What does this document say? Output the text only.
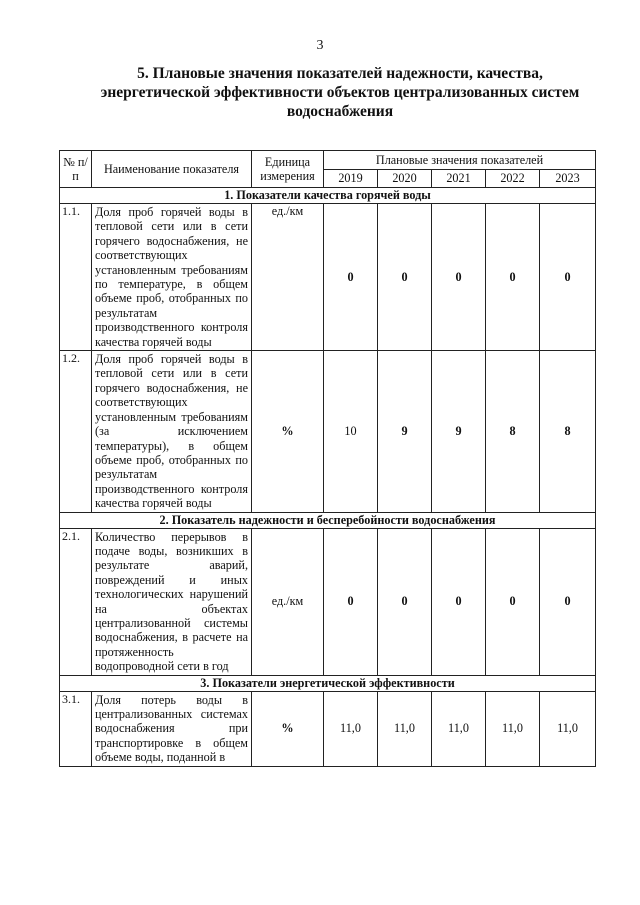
3
5. Плановые значения показателей надежности, качества, энергетической эффективности объектов централизованных систем водоснабжения
№ п/п	Наименование показателя	Единица измерения	Плановые значения показателей				
			2019	2020	2021	2022	2023
1. Показатели качества горячей воды							
1.1.	Доля проб горячей воды в тепловой сети или в сети горячего водоснабжения, не соответствующих установленным требованиям по температуре, в общем объеме проб, отобранных по результатам производственного контроля качества горячей воды	ед./км	0	0	0	0	0
1.2.	Доля проб горячей воды в тепловой сети или в сети горячего водоснабжения, не соответствующих установленным требованиям (за исключением температуры), в общем объеме проб, отобранных по результатам производственного контроля качества горячей воды	%	10	9	9	8	8
2. Показатель надежности и бесперебойности водоснабжения							
2.1.	Количество перерывов в подаче воды, возникших в результате аварий, повреждений и иных технологических нарушений на объектах централизованной системы водоснабжения, в расчете на протяженность водопроводной сети в год	ед./км	0	0	0	0	0
3. Показатели энергетической эффективности							
3.1.	Доля потерь воды в централизованных системах водоснабжения при транспортировке в общем объеме воды, поданной в	%	11,0	11,0	11,0	11,0	11,0
